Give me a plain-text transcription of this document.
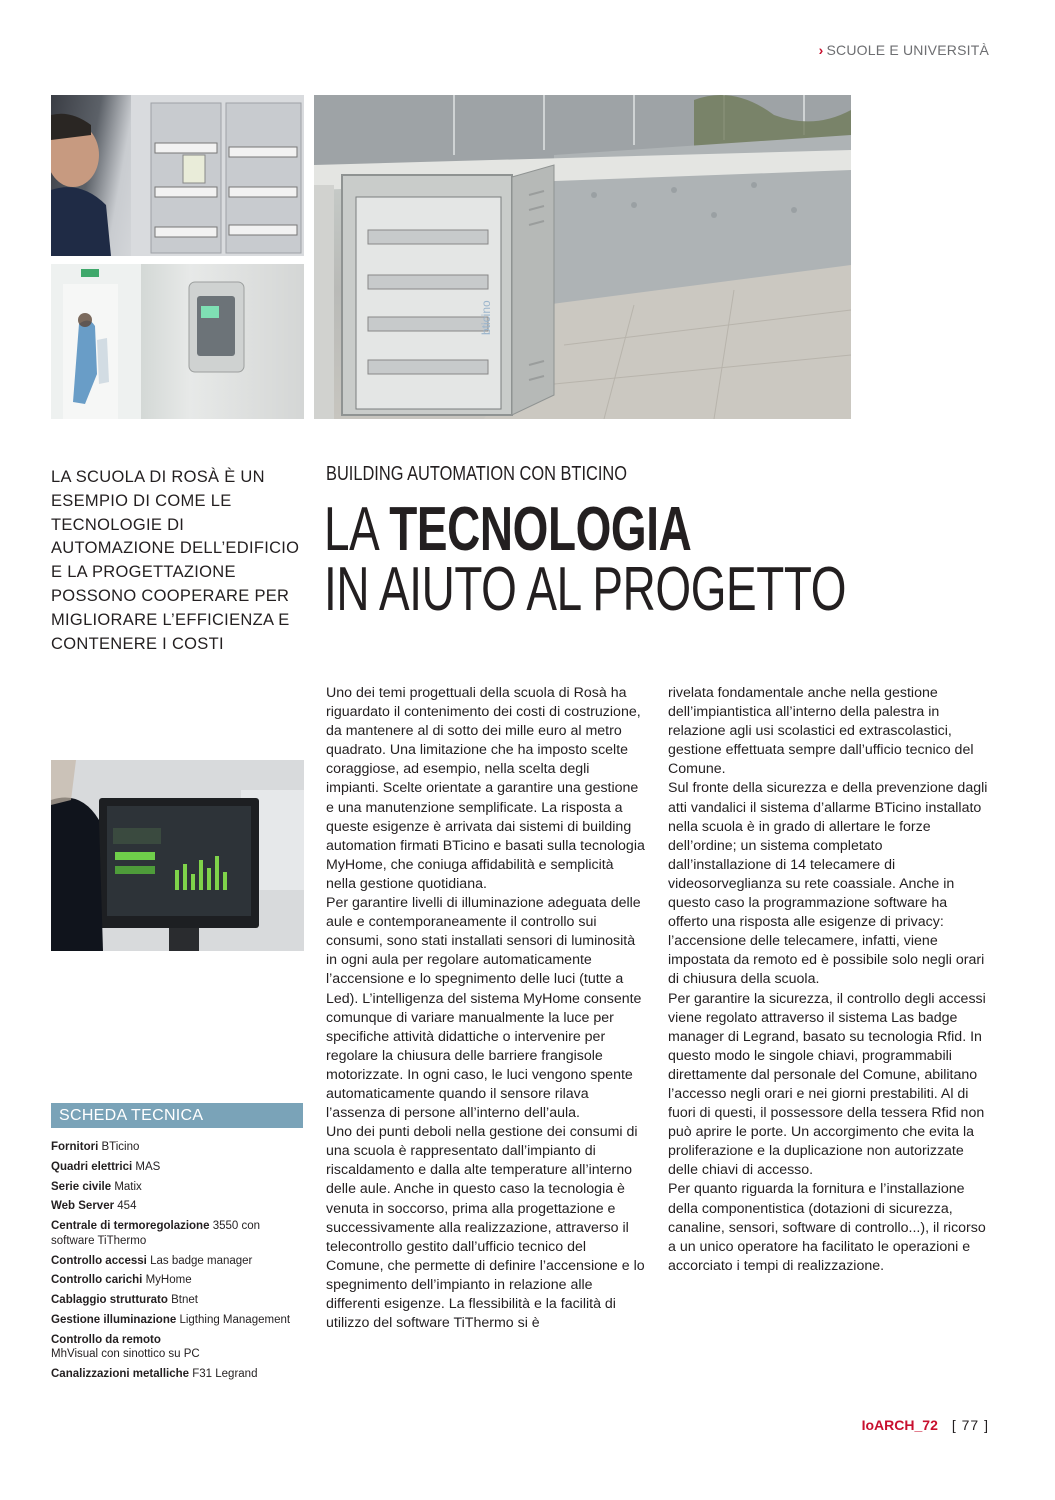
› SCUOLE E UNIVERSITÀ
bticino
LA SCUOLA DI ROSÀ È UN ESEMPIO DI COME LE TECNOLOGIE DI AUTOMAZIONE DELL’EDIFICIO E LA PROGETTAZIONE POSSONO COOPERARE PER MIGLIORARE L’EFFICIENZA E CONTENERE I COSTI
BUILDING AUTOMATION CON BTICINO
LA TECNOLOGIA
IN AIUTO AL PROGETTO

Uno dei temi progettuali della scuola di Rosà ha riguardato il contenimento dei costi di costruzione, da mantenere al di sotto dei mille euro al metro quadrato. Una limitazione che ha imposto scelte coraggiose, ad esempio, nella scelta degli impianti. Scelte orientate a garantire una gestione e una manutenzione semplificate. La risposta a queste esigenze è arrivata dai sistemi di building automation firmati BTicino e basati sulla tecnologia MyHome, che coniuga affidabilità e semplicità nella gestione quotidiana.

Per garantire livelli di illuminazione adeguata delle aule e contemporaneamente il controllo sui consumi, sono stati installati sensori di luminosità in ogni aula per regolare automaticamente l’accensione e lo spegnimento delle luci (tutte a Led). L’intelligenza del sistema MyHome consente comunque di variare manualmente la luce per specifiche attività didattiche o intervenire per regolare la chiusura delle barriere frangisole motorizzate. In ogni caso, le luci vengono spente automaticamente quando il sensore rilava l’assenza di persone all’interno dell’aula.

Uno dei punti deboli nella gestione dei consumi di una scuola è rappresentato dall’impianto di riscaldamento e dalla alte temperature all’interno delle aule. Anche in questo caso la tecnologia è venuta in soccorso, prima alla progettazione e successivamente alla realizzazione, attraverso il telecontrollo gestito dall’ufficio tecnico del Comune, che permette di definire l’accensione e lo spegnimento dell’impianto in relazione alle differenti esigenze. La flessibilità e la facilità di utilizzo del software TiThermo si è

rivelata fondamentale anche nella gestione dell’impiantistica all’interno della palestra in relazione agli usi scolastici ed extrascolastici, gestione effettuata sempre dall’ufficio tecnico del Comune.

Sul fronte della sicurezza e della prevenzione dagli atti vandalici il sistema d’allarme BTicino installato nella scuola è in grado di allertare le forze dell’ordine; un sistema completato dall’installazione di 14 telecamere di videosorveglianza su rete coassiale. Anche in questo caso la programmazione software ha offerto una risposta alle esigenze di privacy: l’accensione delle telecamere, infatti, viene impostata da remoto ed è possibile solo negli orari di chiusura della scuola.

Per garantire la sicurezza, il controllo degli accessi viene regolato attraverso il sistema Las badge manager di Legrand, basato su tecnologia Rfid. In questo modo le singole chiavi, programmabili direttamente dal personale del Comune, abilitano l’accesso negli orari e nei giorni prestabiliti. Al di fuori di questi, il possessore della tessera Rfid non può aprire le porte. Un accorgimento che evita la proliferazione e la duplicazione non autorizzate delle chiavi di accesso.

Per quanto riguarda la fornitura e l’installazione della componentistica (dotazioni di sicurezza, canaline, sensori, software di controllo...), il ricorso a un unico operatore ha facilitato le operazioni e accorciato i tempi di realizzazione.

SCHEDA TECNICA
Fornitori BTicino
Quadri elettrici MAS
Serie civile Matix
Web Server 454
Centrale di termoregolazione 3550 con software TiThermo
Controllo accessi Las badge manager
Controllo carichi MyHome
Cablaggio strutturato Btnet
Gestione illuminazione Ligthing Management
Controllo da remoto
MhVisual con sinottico su PC
Canalizzazioni metalliche F31 Legrand
IoARCH_72 [ 77 ]
